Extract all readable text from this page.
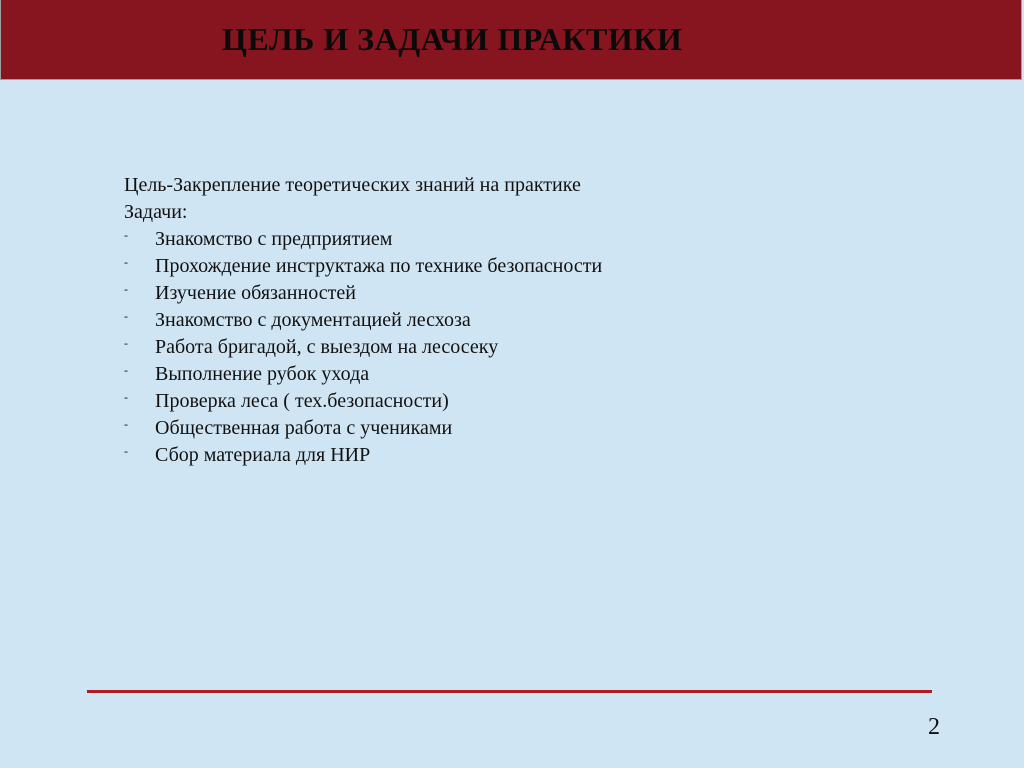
ЦЕЛЬ И ЗАДАЧИ ПРАКТИКИ

Цель-Закрепление теоретических знаний на практике

Задачи:

- Знакомство с предприятием
- Прохождение инструктажа по технике безопасности
- Изучение обязанностей
- Знакомство с документацией лесхоза
- Работа бригадой, с выездом на лесосеку
- Выполнение рубок ухода
- Проверка леса ( тех.безопасности)
- Общественная работа с учениками
- Сбор материала для НИР
2
